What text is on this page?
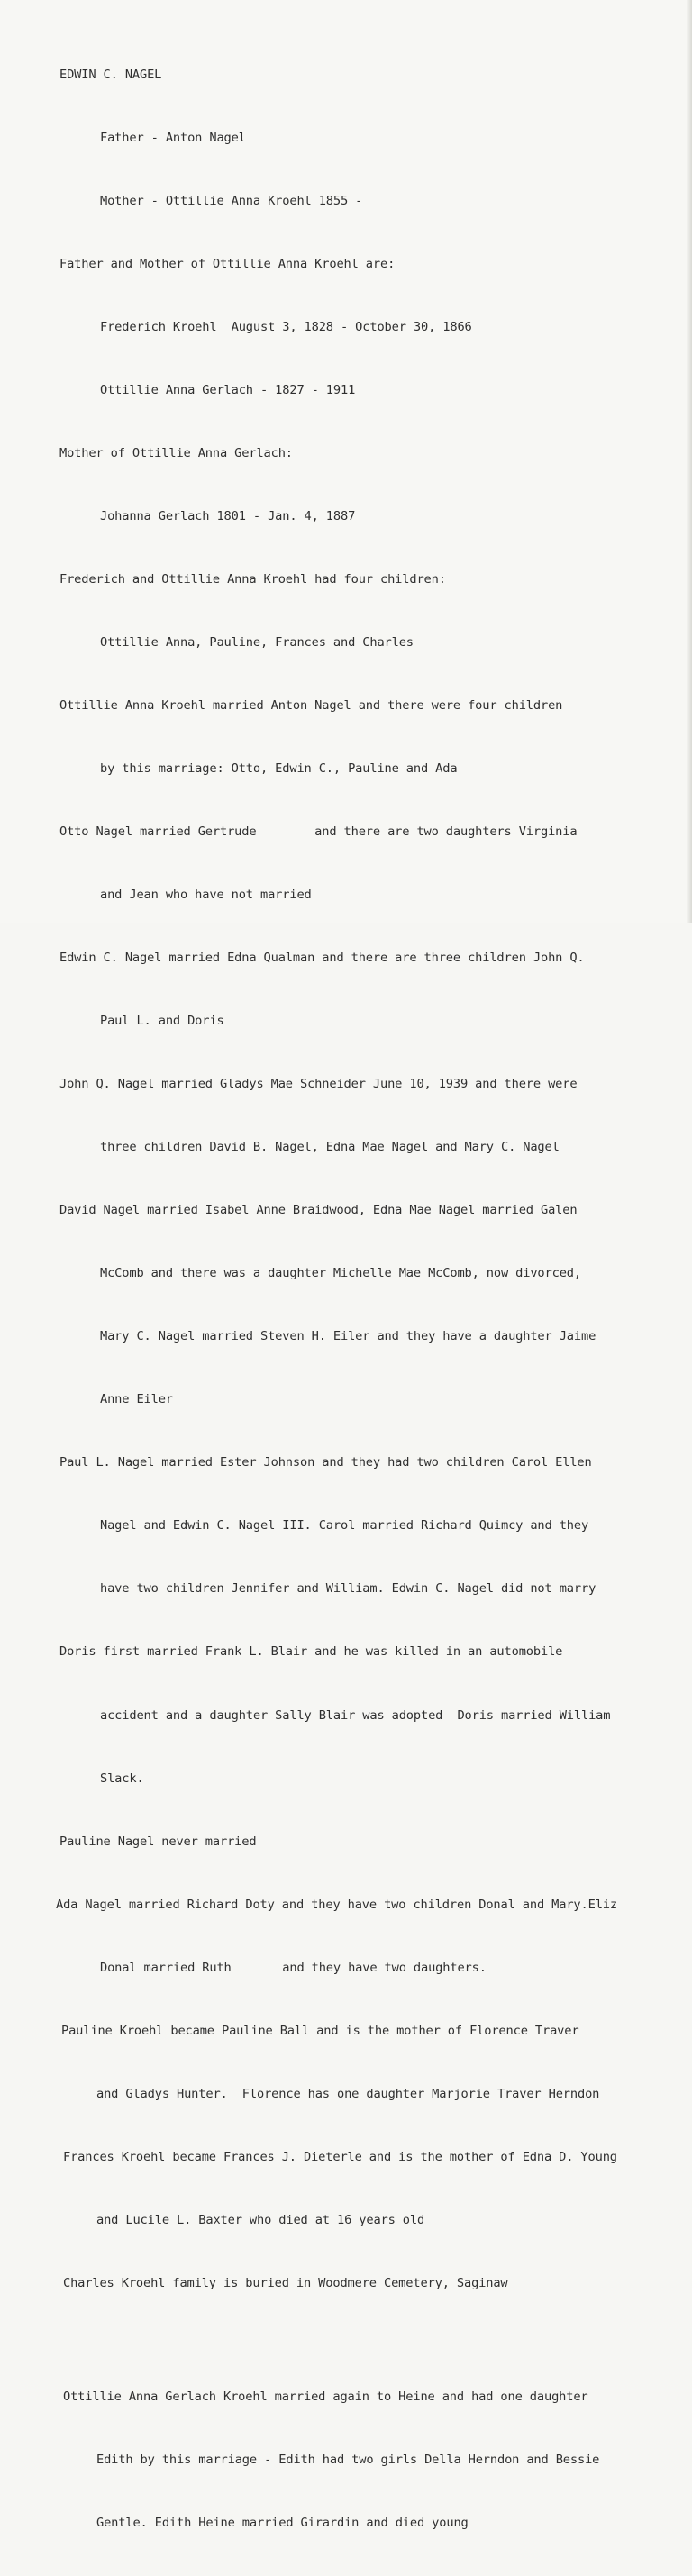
EDWIN C. NAGEL

Father - Anton Nagel

Mother - Ottillie Anna Kroehl 1855 -

Father and Mother of Ottillie Anna Kroehl are:

Frederich Kroehl  August 3, 1828 - October 30, 1866

Ottillie Anna Gerlach - 1827 - 1911

Mother of Ottillie Anna Gerlach:

Johanna Gerlach 1801 - Jan. 4, 1887

Frederich and Ottillie Anna Kroehl had four children:

Ottillie Anna, Pauline, Frances and Charles

Ottillie Anna Kroehl married Anton Nagel and there were four children

by this marriage: Otto, Edwin C., Pauline and Ada

Otto Nagel married Gertrude        and there are two daughters Virginia

and Jean who have not married

Edwin C. Nagel married Edna Qualman and there are three children John Q.

Paul L. and Doris

John Q. Nagel married Gladys Mae Schneider June 10, 1939 and there were

three children David B. Nagel, Edna Mae Nagel and Mary C. Nagel

David Nagel married Isabel Anne Braidwood, Edna Mae Nagel married Galen

McComb and there was a daughter Michelle Mae McComb, now divorced,

Mary C. Nagel married Steven H. Eiler and they have a daughter Jaime

Anne Eiler

Paul L. Nagel married Ester Johnson and they had two children Carol Ellen

Nagel and Edwin C. Nagel III. Carol married Richard Quimcy and they

have two children Jennifer and William. Edwin C. Nagel did not marry

Doris first married Frank L. Blair and he was killed in an automobile

accident and a daughter Sally Blair was adopted  Doris married William

Slack.

Pauline Nagel never married

Ada Nagel married Richard Doty and they have two children Donal and Mary.Eliz

Donal married Ruth       and they have two daughters.

Pauline Kroehl became Pauline Ball and is the mother of Florence Traver

and Gladys Hunter.  Florence has one daughter Marjorie Traver Herndon

Frances Kroehl became Frances J. Dieterle and is the mother of Edna D. Young

and Lucile L. Baxter who died at 16 years old

Charles Kroehl family is buried in Woodmere Cemetery, Saginaw

Ottillie Anna Gerlach Kroehl married again to Heine and had one daughter

Edith by this marriage - Edith had two girls Della Herndon and Bessie

Gentle. Edith Heine married Girardin and died young
